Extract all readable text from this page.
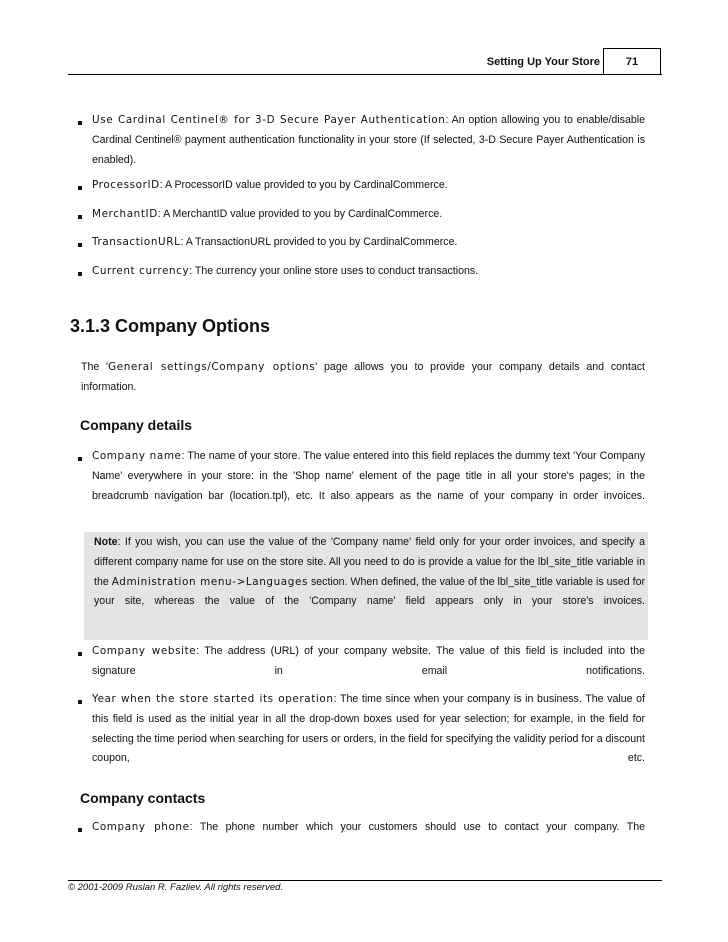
Setting Up Your Store	71
Use Cardinal Centinel® for 3-D Secure Payer Authentication: An option allowing you to enable/disable Cardinal Centinel® payment authentication functionality in your store (If selected, 3-D Secure Payer Authentication is enabled).
ProcessorID: A ProcessorID value provided to you by CardinalCommerce.
MerchantID: A MerchantID value provided to you by CardinalCommerce.
TransactionURL: A TransactionURL provided to you by CardinalCommerce.
Current currency: The currency your online store uses to conduct transactions.
3.1.3 Company Options
The 'General settings/Company options' page allows you to provide your company details and contact information.
Company details
Company name: The name of your store. The value entered into this field replaces the dummy text 'Your Company Name' everywhere in your store: in the 'Shop name' element of the page title in all your store's pages; in the breadcrumb navigation bar (location.tpl), etc. It also appears as the name of your company in order invoices.
Note: If you wish, you can use the value of the 'Company name' field only for your order invoices, and specify a different company name for use on the store site. All you need to do is provide a value for the lbl_site_title variable in the Administration menu->Languages section. When defined, the value of the lbl_site_title variable is used for your site, whereas the value of the 'Company name' field appears only in your store's invoices.
Company website: The address (URL) of your company website. The value of this field is included into the signature in email notifications.
Year when the store started its operation: The time since when your company is in business. The value of this field is used as the initial year in all the drop-down boxes used for year selection; for example, in the field for selecting the time period when searching for users or orders, in the field for specifying the validity period for a discount coupon, etc.
Company contacts
Company phone: The phone number which your customers should use to contact your company. The
© 2001-2009 Ruslan R. Fazliev. All rights reserved.
